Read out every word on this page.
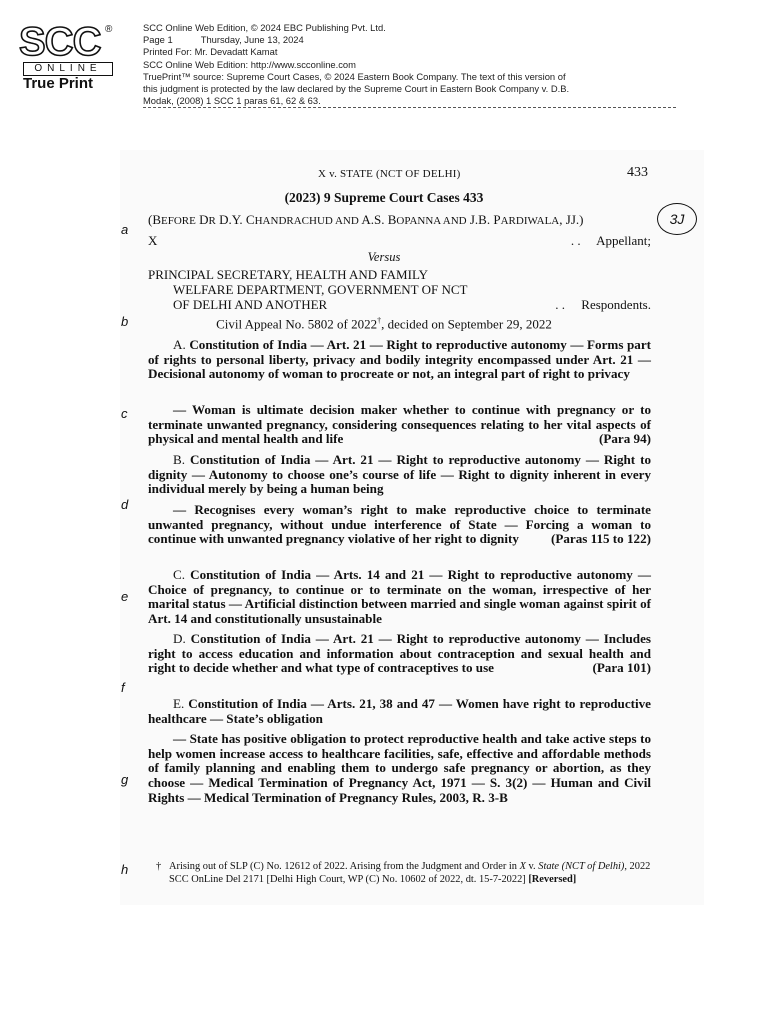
SCC ®
ONLINE
True Print
SCC Online Web Edition, © 2024 EBC Publishing Pvt. Ltd.
Page 1	Thursday, June 13, 2024
Printed For: Mr. Devadatt Kamat
SCC Online Web Edition: http://www.scconline.com
TruePrint™ source: Supreme Court Cases, © 2024 Eastern Book Company. The text of this version of
this judgment is protected by the law declared by the Supreme Court in Eastern Book Company v. D.B.
Modak, (2008) 1 SCC 1 paras 61, 62 & 63.
X v. STATE (NCT OF DELHI)	433
(2023) 9 Supreme Court Cases 433
(BEFORE DR D.Y. CHANDRACHUD AND A.S. BOPANNA AND J.B. PARDIWALA, JJ.)	3J
X	. .     Appellant;
Versus
PRINCIPAL SECRETARY, HEALTH AND FAMILY
WELFARE DEPARTMENT, GOVERNMENT OF NCT
OF DELHI AND ANOTHER	. .     Respondents.
Civil Appeal No. 5802 of 2022†, decided on September 29, 2022
A. Constitution of India — Art. 21 — Right to reproductive autonomy — Forms part of rights to personal liberty, privacy and bodily integrity encompassed under Art. 21 — Decisional autonomy of woman to procreate or not, an integral part of right to privacy
— Woman is ultimate decision maker whether to continue with pregnancy or to terminate unwanted pregnancy, considering consequences relating to her vital aspects of physical and mental health and life	(Para 94)
B. Constitution of India — Art. 21 — Right to reproductive autonomy — Right to dignity — Autonomy to choose one’s course of life — Right to dignity inherent in every individual merely by being a human being
— Recognises every woman’s right to make reproductive choice to terminate unwanted pregnancy, without undue interference of State — Forcing a woman to continue with unwanted pregnancy violative of her right to dignity	(Paras 115 to 122)
C. Constitution of India — Arts. 14 and 21 — Right to reproductive autonomy — Choice of pregnancy, to continue or to terminate on the woman, irrespective of her marital status — Artificial distinction between married and single woman against spirit of Art. 14 and constitutionally unsustainable
D. Constitution of India — Art. 21 — Right to reproductive autonomy — Includes right to access education and information about contraception and sexual health and right to decide whether and what type of contraceptives to use	(Para 101)
E. Constitution of India — Arts. 21, 38 and 47 — Women have right to reproductive healthcare — State’s obligation
— State has positive obligation to protect reproductive health and take active steps to help women increase access to healthcare facilities, safe, effective and affordable methods of family planning and enabling them to undergo safe pregnancy or abortion, as they choose — Medical Termination of Pregnancy Act, 1971 — S. 3(2) — Human and Civil Rights — Medical Termination of Pregnancy Rules, 2003, R. 3-B
a
b
c
d
e
f
g
h	† Arising out of SLP (C) No. 12612 of 2022. Arising from the Judgment and Order in X v. State (NCT of Delhi), 2022 SCC OnLine Del 2171 [Delhi High Court, WP (C) No. 10602 of 2022, dt. 15-7-2022] [Reversed]
